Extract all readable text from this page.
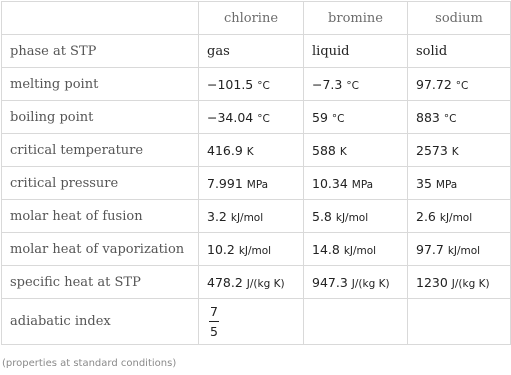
	chlorine	bromine	sodium
phase at STP	gas	liquid	solid
melting point	−101.5 °C	−7.3 °C	97.72 °C
boiling point	−34.04 °C	59 °C	883 °C
critical temperature	416.9 K	588 K	2573 K
critical pressure	7.991 MPa	10.34 MPa	35 MPa
molar heat of fusion	3.2 kJ/mol	5.8 kJ/mol	2.6 kJ/mol
molar heat of vaporization	10.2 kJ/mol	14.8 kJ/mol	97.7 kJ/mol
specific heat at STP	478.2 J/(kg K)	947.3 J/(kg K)	1230 J/(kg K)
adiabatic index	$\frac{7}{5}$

(properties at standard conditions)
